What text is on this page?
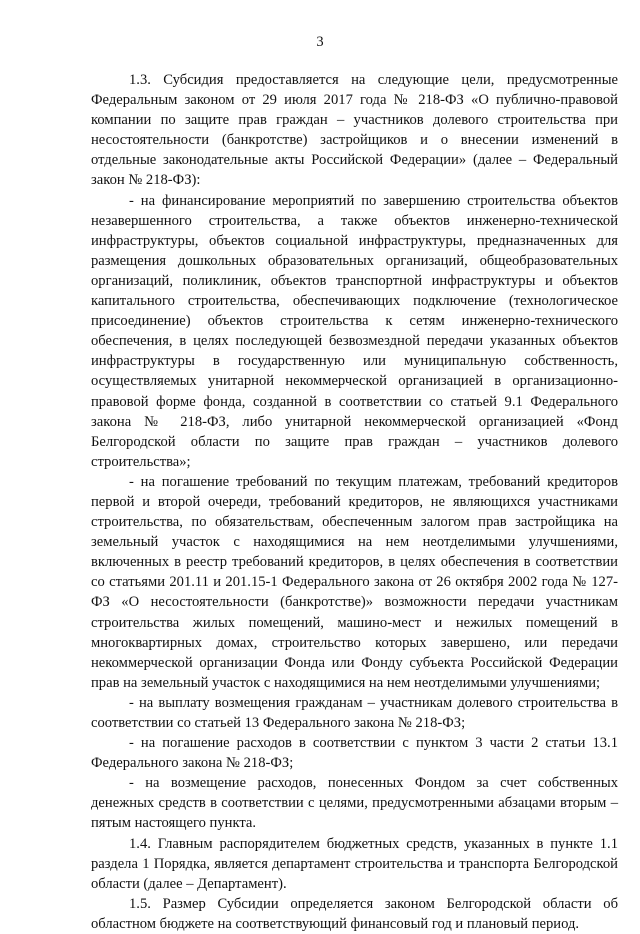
3

1.3. Субсидия предоставляется на следующие цели, предусмотренные Федеральным законом от 29 июля 2017 года № 218-ФЗ «О публично-правовой компании по защите прав граждан – участников долевого строительства при несостоятельности (банкротстве) застройщиков и о внесении изменений в отдельные законодательные акты Российской Федерации» (далее – Федеральный закон № 218-ФЗ):

- на финансирование мероприятий по завершению строительства объектов незавершенного строительства, а также объектов инженерно-технической инфраструктуры, объектов социальной инфраструктуры, предназначенных для размещения дошкольных образовательных организаций, общеобразовательных организаций, поликлиник, объектов транспортной инфраструктуры и объектов капитального строительства, обеспечивающих подключение (технологическое присоединение) объектов строительства к сетям инженерно-технического обеспечения, в целях последующей безвозмездной передачи указанных объектов инфраструктуры в государственную или муниципальную собственность, осуществляемых унитарной некоммерческой организацией в организационно-правовой форме фонда, созданной в соответствии со статьей 9.1 Федерального закона № 218-ФЗ, либо унитарной некоммерческой организацией «Фонд Белгородской области по защите прав граждан – участников долевого строительства»;

- на погашение требований по текущим платежам, требований кредиторов первой и второй очереди, требований кредиторов, не являющихся участниками строительства, по обязательствам, обеспеченным залогом прав застройщика на земельный участок с находящимися на нем неотделимыми улучшениями, включенных в реестр требований кредиторов, в целях обеспечения в соответствии со статьями 201.11 и 201.15-1 Федерального закона от 26 октября 2002 года № 127-ФЗ «О несостоятельности (банкротстве)» возможности передачи участникам строительства жилых помещений, машино-мест и нежилых помещений в многоквартирных домах, строительство которых завершено, или передачи некоммерческой организации Фонда или Фонду субъекта Российской Федерации прав на земельный участок с находящимися на нем неотделимыми улучшениями;

- на выплату возмещения гражданам – участникам долевого строительства в соответствии со статьей 13 Федерального закона № 218-ФЗ;

- на погашение расходов в соответствии с пунктом 3 части 2 статьи 13.1 Федерального закона № 218-ФЗ;

- на возмещение расходов, понесенных Фондом за счет собственных денежных средств в соответствии с целями, предусмотренными абзацами вторым – пятым настоящего пункта.

1.4. Главным распорядителем бюджетных средств, указанных в пункте 1.1 раздела 1 Порядка, является департамент строительства и транспорта Белгородской области (далее – Департамент).

1.5. Размер Субсидии определяется законом Белгородской области об областном бюджете на соответствующий финансовый год и плановый период.
